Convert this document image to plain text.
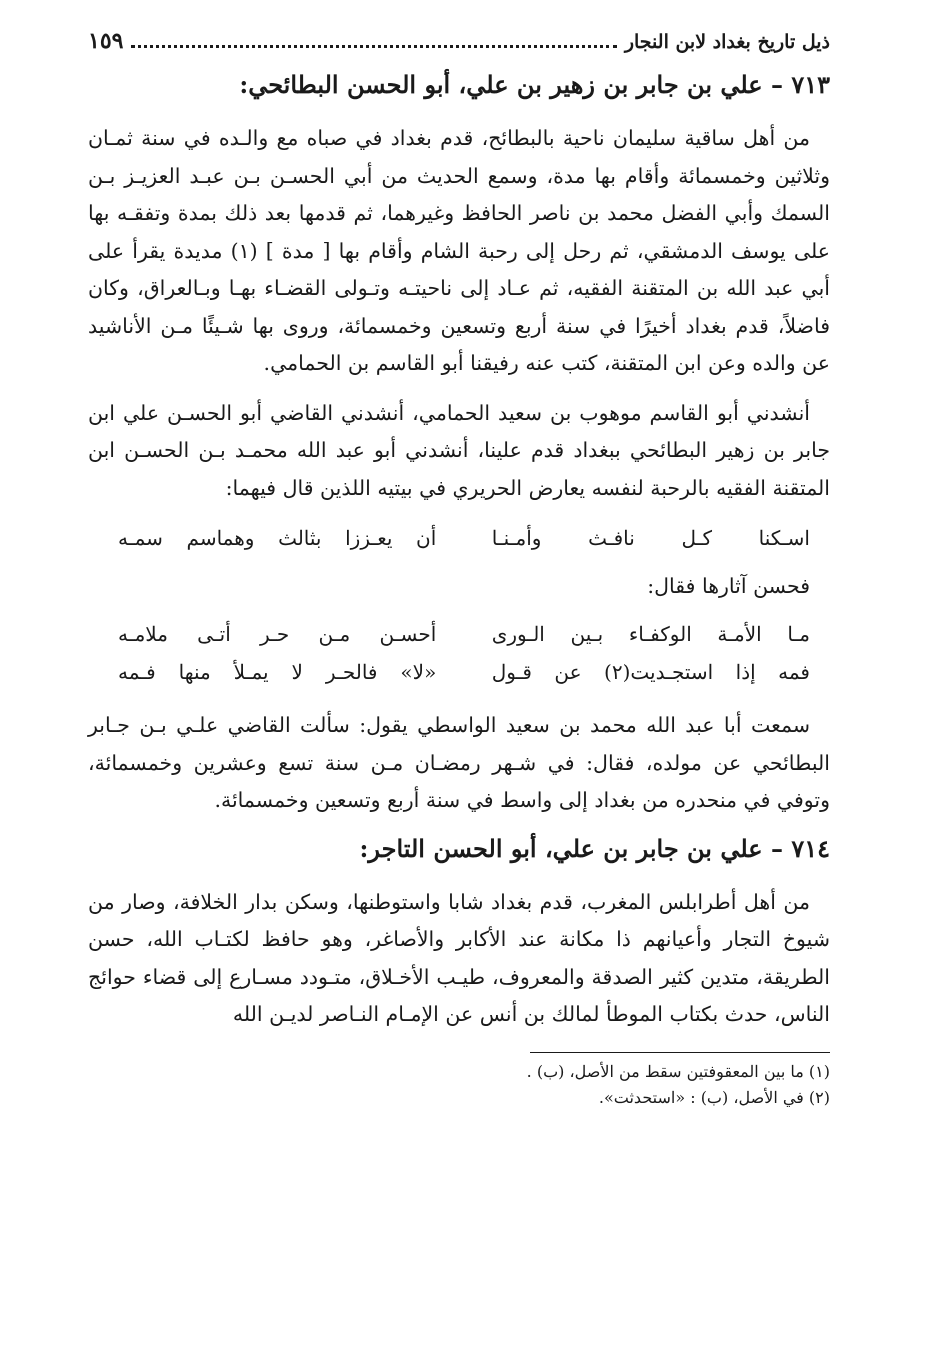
ذيل تاريخ بغداد لابن النجار
١٥٩
٧١٣ – علي بن جابر بن زهير بن علي، أبو الحسن البطائحي:

من أهل ساقية سليمان ناحية بالبطائح، قدم بغداد في صباه مع والـده في سنة ثمـان وثلاثين وخمسمائة وأقام بها مدة، وسمع الحديث من أبي الحسـن بـن عبـد العزيـز بـن السمك وأبي الفضل محمد بن ناصر الحافظ وغيرهما، ثم قدمها بعد ذلك بمدة وتفقـه بها على يوسف الدمشقي، ثم رحل إلى رحبة الشام وأقام بها [ مدة ] (١) مديدة يقرأ على أبي عبد الله بن المتقنة الفقيه، ثم عـاد إلى ناحيتـه وتـولى القضـاء بهـا وبـالعراق، وكان فاضلاً، قدم بغداد أخيرًا في سنة أربع وتسعين وخمسمائة، وروى بها شـيئًا مـن الأناشيد عن والده وعن ابن المتقنة، كتب عنه رفيقنا أبو القاسم بن الحمامي.

أنشدني أبو القاسم موهوب بن سعيد الحمامي، أنشدني القاضي أبو الحسـن علي ابن جابر بن زهير البطائحي ببغداد قدم علينا، أنشدني أبو عبد الله محمـد بـن الحسـن ابن المتقنة الفقيه بالرحبة لنفسه يعارض الحريري في بيتيه اللذين قال فيهما:

اسـكنا كـل نافـث وأمـنـا
أن يعـززا بثالث وهماسم سمـه
فحسن آثارها فقال:
مـا الأمـة الوكفـاء بـين الـورى
أحسـن مـن حـر أتـى ملامـه
فمه إذا استجـديت(٢) عن قـول
«لا» فالحـر لا يمـلأ منها فـمه

سمعت أبا عبد الله محمد بن سعيد الواسطي يقول: سألت القاضي علـي بـن جـابر البطائحي عن مولده، فقال: في شـهر رمضـان مـن سنة تسع وعشرين وخمسمائة، وتوفي في منحدره من بغداد إلى واسط في سنة أربع وتسعين وخمسمائة.

٧١٤ – علي بن جابر بن علي، أبو الحسن التاجر:

من أهل أطرابلس المغرب، قدم بغداد شابا واستوطنها، وسكن بدار الخلافة، وصار من شيوخ التجار وأعيانهم ذا مكانة عند الأكابر والأصاغر، وهو حافظ لكتـاب الله، حسن الطريقة، متدين كثير الصدقة والمعروف، طيـب الأخـلاق، متـودد مسـارع إلى قضاء حوائج الناس، حدث بكتاب الموطأ لمالك بن أنس عن الإمـام النـاصر لديـن الله

(١) ما بين المعقوفتين سقط من الأصل، (ب) .
(٢) في الأصل، (ب) : «استحدثت».
